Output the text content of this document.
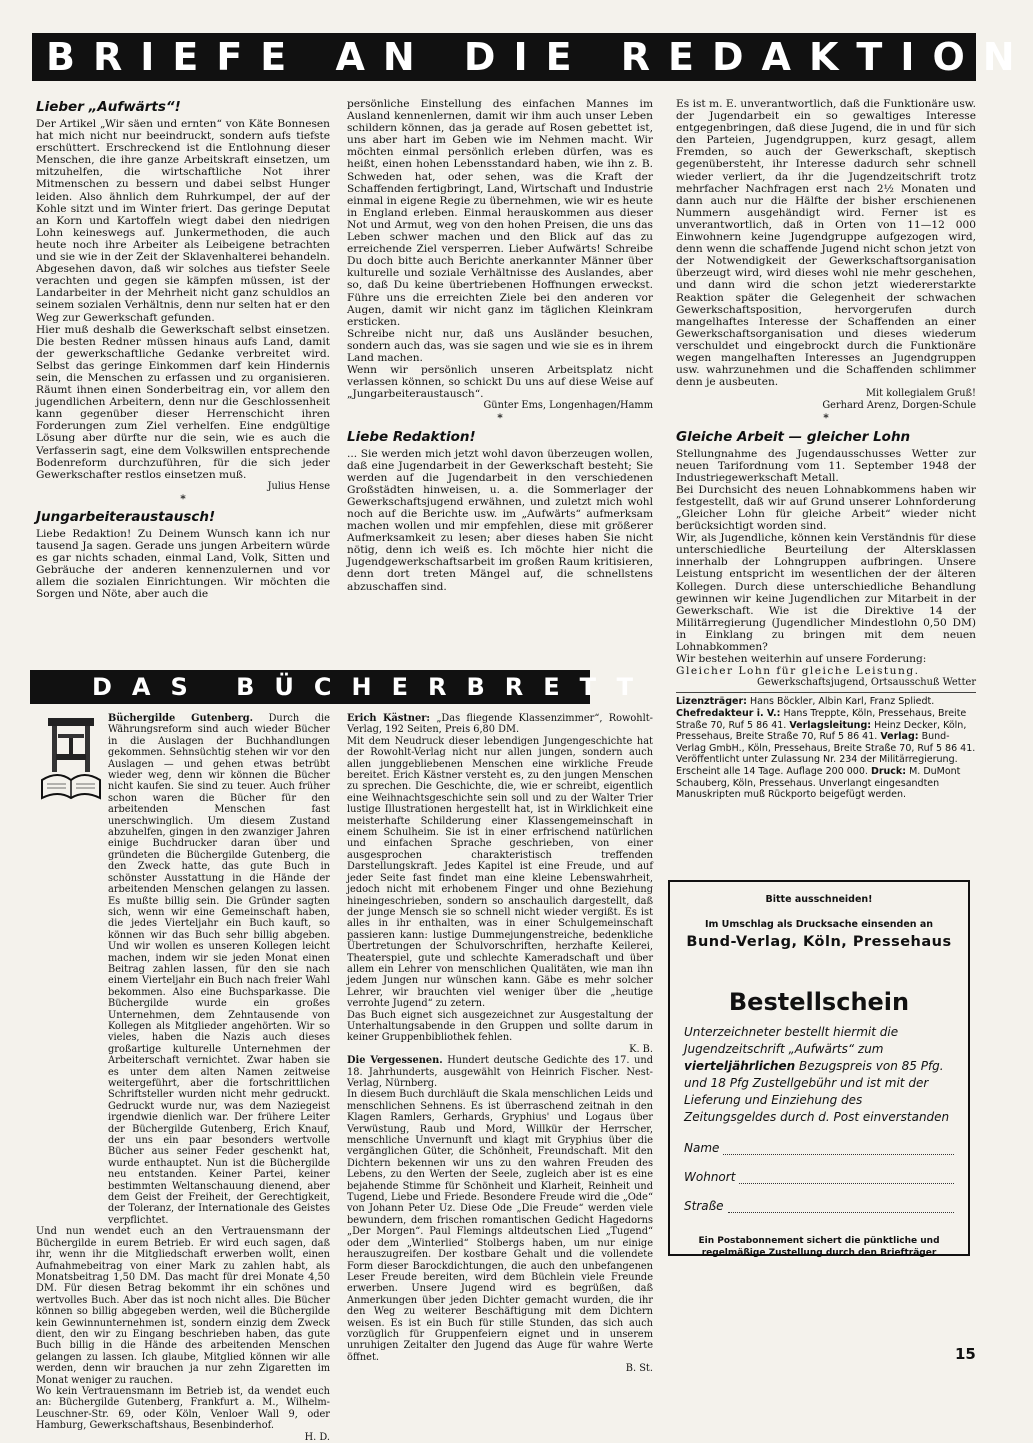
BRIEFE AN DIE REDAKTION
Lieber „Aufwärts“!

Der Artikel „Wir säen und ernten“ von Käte Bonnesen hat mich nicht nur beeindruckt, sondern aufs tiefste erschüttert. Erschreckend ist die Entlohnung dieser Menschen, die ihre ganze Arbeitskraft einsetzen, um mitzuhelfen, die wirtschaftliche Not ihrer Mitmenschen zu bessern und dabei selbst Hunger leiden. Also ähnlich dem Ruhrkumpel, der auf der Kohle sitzt und im Winter friert. Das geringe Deputat an Korn und Kartoffeln wiegt dabei den niedrigen Lohn keineswegs auf. Junkermethoden, die auch heute noch ihre Arbeiter als Leibeigene betrachten und sie wie in der Zeit der Sklavenhalterei behandeln. Abgesehen davon, daß wir solches aus tiefster Seele verachten und gegen sie kämpfen müssen, ist der Landarbeiter in der Mehrheit nicht ganz schuldlos an seinem sozialen Verhältnis, denn nur selten hat er den Weg zur Gewerkschaft gefunden.

Hier muß deshalb die Gewerkschaft selbst einsetzen. Die besten Redner müssen hinaus aufs Land, damit der gewerkschaftliche Gedanke verbreitet wird. Selbst das geringe Einkommen darf kein Hindernis sein, die Menschen zu erfassen und zu organisieren. Räumt ihnen einen Sonderbeitrag ein, vor allem den jugendlichen Arbeitern, denn nur die Geschlossenheit kann gegenüber dieser Herrenschicht ihren Forderungen zum Ziel verhelfen. Eine endgültige Lösung aber dürfte nur die sein, wie es auch die Verfasserin sagt, eine dem Volkswillen entsprechende Bodenreform durchzuführen, für die sich jeder Gewerkschafter restlos einsetzen muß.

Julius Hense
*
Jungarbeiteraustausch!

Liebe Redaktion! Zu Deinem Wunsch kann ich nur tausend Ja sagen. Gerade uns jungen Arbeitern würde es gar nichts schaden, einmal Land, Volk, Sitten und Gebräuche der anderen kennenzulernen und vor allem die sozialen Einrichtungen. Wir möchten die Sorgen und Nöte, aber auch die

persönliche Einstellung des einfachen Mannes im Ausland kennenlernen, damit wir ihm auch unser Leben schildern können, das ja gerade auf Rosen gebettet ist, uns aber hart im Geben wie im Nehmen macht. Wir möchten einmal persönlich erleben dürfen, was es heißt, einen hohen Lebensstandard haben, wie ihn z. B. Schweden hat, oder sehen, was die Kraft der Schaffenden fertigbringt, Land, Wirtschaft und Industrie einmal in eigene Regie zu übernehmen, wie wir es heute in England erleben. Einmal herauskommen aus dieser Not und Armut, weg von den hohen Preisen, die uns das Leben schwer machen und den Blick auf das zu erreichende Ziel versperren. Lieber Aufwärts! Schreibe Du doch bitte auch Berichte anerkannter Männer über kulturelle und soziale Verhältnisse des Auslandes, aber so, daß Du keine übertriebenen Hoffnungen erweckst. Führe uns die erreichten Ziele bei den anderen vor Augen, damit wir nicht ganz im täglichen Kleinkram ersticken.

Schreibe nicht nur, daß uns Ausländer besuchen, sondern auch das, was sie sagen und wie sie es in ihrem Land machen.

Wenn wir persönlich unseren Arbeitsplatz nicht verlassen können, so schickt Du uns auf diese Weise auf „Jungarbeiteraustausch“.

Günter Ems, Longenhagen/Hamm
*
Liebe Redaktion!

... Sie werden mich jetzt wohl davon überzeugen wollen, daß eine Jugendarbeit in der Gewerkschaft besteht; Sie werden auf die Jugendarbeit in den verschiedenen Großstädten hinweisen, u. a. die Sommerlager der Gewerkschaftsjugend erwähnen, und zuletzt mich wohl noch auf die Berichte usw. im „Aufwärts“ aufmerksam machen wollen und mir empfehlen, diese mit größerer Aufmerksamkeit zu lesen; aber dieses haben Sie nicht nötig, denn ich weiß es. Ich möchte hier nicht die Jugendgewerkschaftsarbeit im großen Raum kritisieren, denn dort treten Mängel auf, die schnellstens abzuschaffen sind.

Es ist m. E. unverantwortlich, daß die Funktionäre usw. der Jugendarbeit ein so gewaltiges Interesse entgegenbringen, daß diese Jugend, die in und für sich den Parteien, Jugendgruppen, kurz gesagt, allem Fremden, so auch der Gewerkschaft, skeptisch gegenübersteht, ihr Interesse dadurch sehr schnell wieder verliert, da ihr die Jugendzeitschrift trotz mehrfacher Nachfragen erst nach 2½ Monaten und dann auch nur die Hälfte der bisher erschienenen Nummern ausgehändigt wird. Ferner ist es unverantwortlich, daß in Orten von 11—12 000 Einwohnern keine Jugendgruppe aufgezogen wird, denn wenn die schaffende Jugend nicht schon jetzt von der Notwendigkeit der Gewerkschaftsorganisation überzeugt wird, wird dieses wohl nie mehr geschehen, und dann wird die schon jetzt wiedererstarkte Reaktion später die Gelegenheit der schwachen Gewerkschaftsposition, hervorgerufen durch mangelhaftes Interesse der Schaffenden an einer Gewerkschaftsorganisation und dieses wiederum verschuldet und eingebrockt durch die Funktionäre wegen mangelhaften Interesses an Jugendgruppen usw. wahrzunehmen und die Schaffenden schlimmer denn je ausbeuten.

Mit kollegialem Gruß!
Gerhard Arenz, Dorgen-Schule
*
Gleiche Arbeit — gleicher Lohn

Stellungnahme des Jugendausschusses Wetter zur neuen Tarifordnung vom 11. September 1948 der Industriegewerkschaft Metall.

Bei Durchsicht des neuen Lohnabkommens haben wir festgestellt, daß wir auf Grund unserer Lohnforderung „Gleicher Lohn für gleiche Arbeit“ wieder nicht berücksichtigt worden sind.

Wir, als Jugendliche, können kein Verständnis für diese unterschiedliche Beurteilung der Altersklassen innerhalb der Lohngruppen aufbringen. Unsere Leistung entspricht im wesentlichen der der älteren Kollegen. Durch diese unterschiedliche Behandlung gewinnen wir keine Jugendlichen zur Mitarbeit in der Gewerkschaft. Wie ist die Direktive 14 der Militärregierung (Jugendlicher Mindestlohn 0,50 DM) in Einklang zu bringen mit dem neuen Lohnabkommen?

Wir bestehen weiterhin auf unsere Forderung:

Gleicher Lohn für gleiche Leistung.

Gewerkschaftsjugend, Ortsausschuß Wetter
Lizenzträger: Hans Böckler, Albin Karl, Franz Spliedt. Chefredakteur i. V.: Hans Treppte, Köln, Pressehaus, Breite Straße 70, Ruf 5 86 41. Verlagsleitung: Heinz Decker, Köln, Pressehaus, Breite Straße 70, Ruf 5 86 41. Verlag: Bund-Verlag GmbH., Köln, Pressehaus, Breite Straße 70, Ruf 5 86 41. Veröffentlicht unter Zulassung Nr. 234 der Militärregierung. Erscheint alle 14 Tage. Auflage 200 000. Druck: M. DuMont Schauberg, Köln, Pressehaus. Unverlangt eingesandten Manuskripten muß Rückporto beigefügt werden.
DAS BÜCHERBRETT

Büchergilde Gutenberg. Durch die Währungsreform sind auch wieder Bücher in die Auslagen der Buchhandlungen gekommen. Sehnsüchtig stehen wir vor den Auslagen — und gehen etwas betrübt wieder weg, denn wir können die Bücher nicht kaufen. Sie sind zu teuer. Auch früher schon waren die Bücher für den arbeitenden Menschen fast unerschwinglich. Um diesem Zustand abzuhelfen, gingen in den zwanziger Jahren einige Buchdrucker daran über und gründeten die Büchergilde Gutenberg, die den Zweck hatte, das gute Buch in schönster Ausstattung in die Hände der arbeitenden Menschen gelangen zu lassen. Es mußte billig sein. Die Gründer sagten sich, wenn wir eine Gemeinschaft haben, die jedes Vierteljahr ein Buch kauft, so können wir das Buch sehr billig abgeben. Und wir wollen es unseren Kollegen leicht machen, indem wir sie jeden Monat einen Beitrag zahlen lassen, für den sie nach einem Vierteljahr ein Buch nach freier Wahl bekommen. Also eine Buchsparkasse. Die Büchergilde wurde ein großes Unternehmen, dem Zehntausende von Kollegen als Mitglieder angehörten. Wir so vieles, haben die Nazis auch dieses großartige kulturelle Unternehmen der Arbeiterschaft vernichtet. Zwar haben sie es unter dem alten Namen zeitweise weitergeführt, aber die fortschrittlichen Schriftsteller wurden nicht mehr gedruckt. Gedruckt wurde nur, was dem Naziegeist irgendwie dienlich war. Der frühere Leiter der Büchergilde Gutenberg, Erich Knauf, der uns ein paar besonders wertvolle Bücher aus seiner Feder geschenkt hat, wurde enthauptet. Nun ist die Büchergilde neu entstanden. Keiner Partei, keiner bestimmten Weltanschauung dienend, aber dem Geist der Freiheit, der Gerechtigkeit, der Toleranz, der Internationale des Geistes verpflichtet.

Und nun wendet euch an den Vertrauensmann der Büchergilde in eurem Betrieb. Er wird euch sagen, daß ihr, wenn ihr die Mitgliedschaft erwerben wollt, einen Aufnahmebeitrag von einer Mark zu zahlen habt, als Monatsbeitrag 1,50 DM. Das macht für drei Monate 4,50 DM. Für diesen Betrag bekommt ihr ein schönes und wertvolles Buch. Aber das ist noch nicht alles. Die Bücher können so billig abgegeben werden, weil die Büchergilde kein Gewinnunternehmen ist, sondern einzig dem Zweck dient, den wir zu Eingang beschrieben haben, das gute Buch billig in die Hände des arbeitenden Menschen gelangen zu lassen. Ich glaube, Mitglied können wir alle werden, denn wir brauchen ja nur zehn Zigaretten im Monat weniger zu rauchen.

Wo kein Vertrauensmann im Betrieb ist, da wendet euch an: Büchergilde Gutenberg, Frankfurt a. M., Wilhelm-Leuschner-Str. 69, oder Köln, Venloer Wall 9, oder Hamburg, Gewerkschaftshaus, Besenbinderhof.

H. D.

Erich Kästner: „Das fliegende Klassenzimmer“, Rowohlt-Verlag, 192 Seiten, Preis 6,80 DM.

Mit dem Neudruck dieser lebendigen Jungengeschichte hat der Rowohlt-Verlag nicht nur allen jungen, sondern auch allen junggebliebenen Menschen eine wirkliche Freude bereitet. Erich Kästner versteht es, zu den jungen Menschen zu sprechen. Die Geschichte, die, wie er schreibt, eigentlich eine Weihnachtsgeschichte sein soll und zu der Walter Trier lustige Illustrationen hergestellt hat, ist in Wirklichkeit eine meisterhafte Schilderung einer Klassengemeinschaft in einem Schulheim. Sie ist in einer erfrischend natürlichen und einfachen Sprache geschrieben, von einer ausgesprochen charakteristisch treffenden Darstellungskraft. Jedes Kapitel ist eine Freude, und auf jeder Seite fast findet man eine kleine Lebenswahrheit, jedoch nicht mit erhobenem Finger und ohne Beziehung hineingeschrieben, sondern so anschaulich dargestellt, daß der junge Mensch sie so schnell nicht wieder vergißt. Es ist alles in ihr enthalten, was in einer Schulgemeinschaft passieren kann: lustige Dummejungenstreiche, bedenkliche Übertretungen der Schulvorschriften, herzhafte Keilerei, Theaterspiel, gute und schlechte Kameradschaft und über allem ein Lehrer von menschlichen Qualitäten, wie man ihn jedem Jungen nur wünschen kann. Gäbe es mehr solcher Lehrer, wir brauchten viel weniger über die „heutige verrohte Jugend“ zu zetern.

Das Buch eignet sich ausgezeichnet zur Ausgestaltung der Unterhaltungsabende in den Gruppen und sollte darum in keiner Gruppenbibliothek fehlen.

K. B.

Die Vergessenen. Hundert deutsche Gedichte des 17. und 18. Jahrhunderts, ausgewählt von Heinrich Fischer. Nest-Verlag, Nürnberg.

In diesem Buch durchläuft die Skala menschlichen Leids und menschlichen Sehnens. Es ist überraschend zeitnah in den Klagen Ramlers, Gerhards, Gryphius' und Logaus über Verwüstung, Raub und Mord, Willkür der Herrscher, menschliche Unvernunft und klagt mit Gryphius über die vergänglichen Güter, die Schönheit, Freundschaft. Mit den Dichtern bekennen wir uns zu den wahren Freuden des Lebens, zu den Werten der Seele, zugleich aber ist es eine bejahende Stimme für Schönheit und Klarheit, Reinheit und Tugend, Liebe und Friede. Besondere Freude wird die „Ode“ von Johann Peter Uz. Diese Ode „Die Freude“ werden viele bewundern, dem frischen romantischen Gedicht Hagedorns „Der Morgen“. Paul Flemings altdeutschen Lied „Tugend“ oder dem „Winterlied“ Stolbergs haben, um nur einige herauszugreifen. Der kostbare Gehalt und die vollendete Form dieser Barockdichtungen, die auch den unbefangenen Leser Freude bereiten, wird dem Büchlein viele Freunde erwerben. Unsere Jugend wird es begrüßen, daß Anmerkungen über jeden Dichter gemacht wurden, die ihr den Weg zu weiterer Beschäftigung mit dem Dichtern weisen. Es ist ein Buch für stille Stunden, das sich auch vorzüglich für Gruppenfeiern eignet und in unserem unruhigen Zeitalter den Jugend das Auge für wahre Werte öffnet.

B. St.
Bitte ausschneiden!
Im Umschlag als Drucksache einsenden an
Bund-Verlag, Köln, Pressehaus
Bestellschein
Unterzeichneter bestellt hiermit die Jugendzeitschrift „Aufwärts“ zum vierteljährlichen Bezugspreis von 85 Pfg. und 18 Pfg Zustellgebühr und ist mit der Lieferung und Einziehung des Zeitungsgeldes durch d. Post einverstanden
Name
Wohnort
Straße
Ein Postabonnement sichert die pünktliche und regelmäßige Zustellung durch den Briefträger
15
